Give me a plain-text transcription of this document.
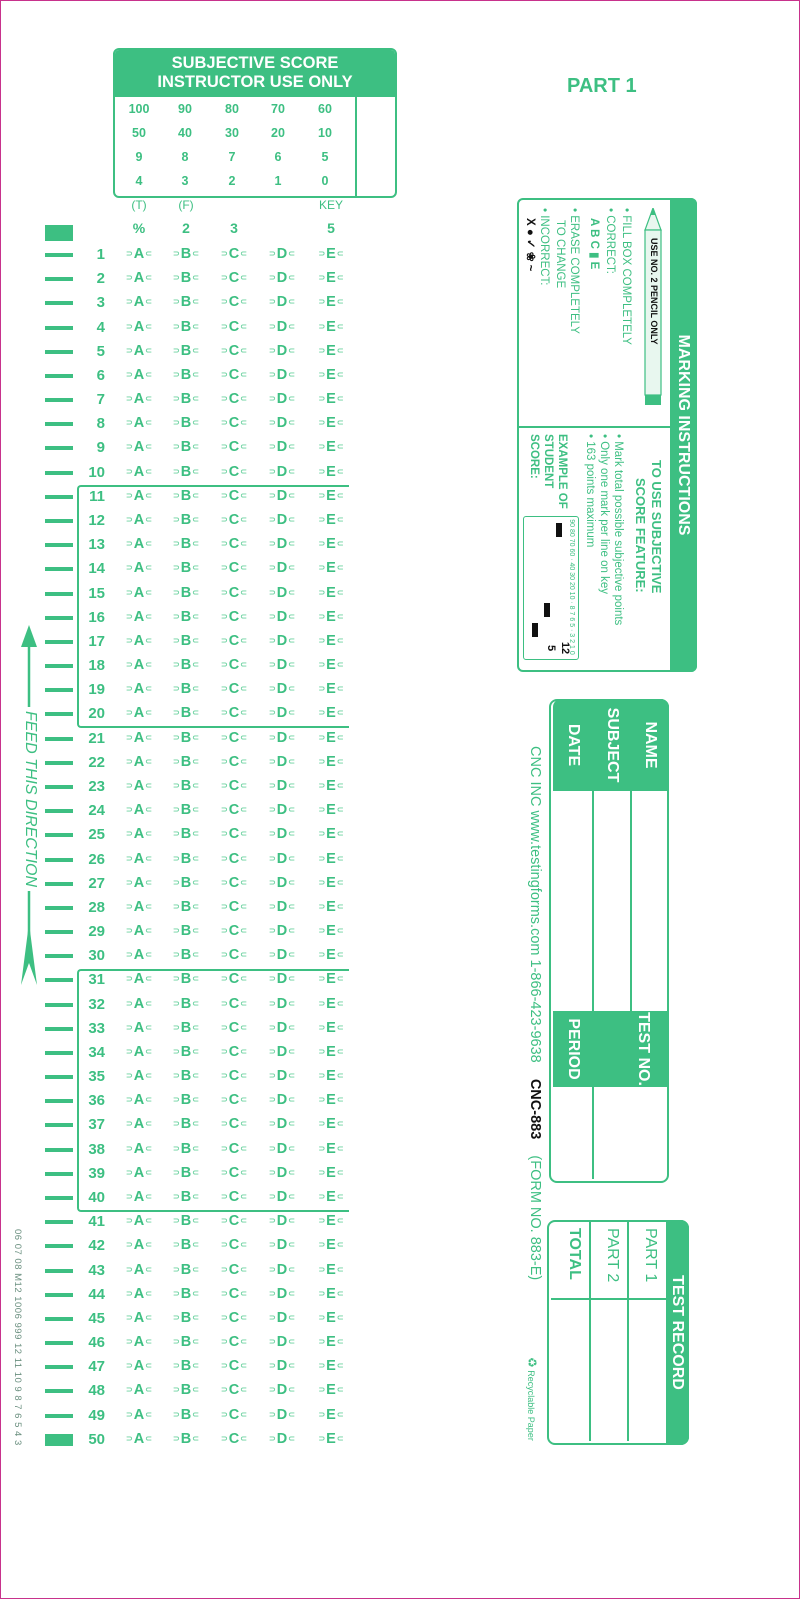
SUBJECTIVE SCORE
INSTRUCTOR USE ONLY
100	90	80	70	60
50	40	30	20	10
9	8	7	6	5
4	3	2	1	0
(T)	(F)	KEY
%	2	3	5
1	⊃ A ⊂	⊃ B ⊂	⊃ C ⊂	⊃ D ⊂	⊃ E ⊂
2	⊃ A ⊂	⊃ B ⊂	⊃ C ⊂	⊃ D ⊂	⊃ E ⊂
3	⊃ A ⊂	⊃ B ⊂	⊃ C ⊂	⊃ D ⊂	⊃ E ⊂
4	⊃ A ⊂	⊃ B ⊂	⊃ C ⊂	⊃ D ⊂	⊃ E ⊂
5	⊃ A ⊂	⊃ B ⊂	⊃ C ⊂	⊃ D ⊂	⊃ E ⊂
6	⊃ A ⊂	⊃ B ⊂	⊃ C ⊂	⊃ D ⊂	⊃ E ⊂
7	⊃ A ⊂	⊃ B ⊂	⊃ C ⊂	⊃ D ⊂	⊃ E ⊂
8	⊃ A ⊂	⊃ B ⊂	⊃ C ⊂	⊃ D ⊂	⊃ E ⊂
9	⊃ A ⊂	⊃ B ⊂	⊃ C ⊂	⊃ D ⊂	⊃ E ⊂
10	⊃ A ⊂	⊃ B ⊂	⊃ C ⊂	⊃ D ⊂	⊃ E ⊂
11	⊃ A ⊂	⊃ B ⊂	⊃ C ⊂	⊃ D ⊂	⊃ E ⊂
12	⊃ A ⊂	⊃ B ⊂	⊃ C ⊂	⊃ D ⊂	⊃ E ⊂
13	⊃ A ⊂	⊃ B ⊂	⊃ C ⊂	⊃ D ⊂	⊃ E ⊂
14	⊃ A ⊂	⊃ B ⊂	⊃ C ⊂	⊃ D ⊂	⊃ E ⊂
15	⊃ A ⊂	⊃ B ⊂	⊃ C ⊂	⊃ D ⊂	⊃ E ⊂
16	⊃ A ⊂	⊃ B ⊂	⊃ C ⊂	⊃ D ⊂	⊃ E ⊂
17	⊃ A ⊂	⊃ B ⊂	⊃ C ⊂	⊃ D ⊂	⊃ E ⊂
18	⊃ A ⊂	⊃ B ⊂	⊃ C ⊂	⊃ D ⊂	⊃ E ⊂
19	⊃ A ⊂	⊃ B ⊂	⊃ C ⊂	⊃ D ⊂	⊃ E ⊂
20	⊃ A ⊂	⊃ B ⊂	⊃ C ⊂	⊃ D ⊂	⊃ E ⊂
21	⊃ A ⊂	⊃ B ⊂	⊃ C ⊂	⊃ D ⊂	⊃ E ⊂
22	⊃ A ⊂	⊃ B ⊂	⊃ C ⊂	⊃ D ⊂	⊃ E ⊂
23	⊃ A ⊂	⊃ B ⊂	⊃ C ⊂	⊃ D ⊂	⊃ E ⊂
24	⊃ A ⊂	⊃ B ⊂	⊃ C ⊂	⊃ D ⊂	⊃ E ⊂
25	⊃ A ⊂	⊃ B ⊂	⊃ C ⊂	⊃ D ⊂	⊃ E ⊂
26	⊃ A ⊂	⊃ B ⊂	⊃ C ⊂	⊃ D ⊂	⊃ E ⊂
27	⊃ A ⊂	⊃ B ⊂	⊃ C ⊂	⊃ D ⊂	⊃ E ⊂
28	⊃ A ⊂	⊃ B ⊂	⊃ C ⊂	⊃ D ⊂	⊃ E ⊂
29	⊃ A ⊂	⊃ B ⊂	⊃ C ⊂	⊃ D ⊂	⊃ E ⊂
30	⊃ A ⊂	⊃ B ⊂	⊃ C ⊂	⊃ D ⊂	⊃ E ⊂
31	⊃ A ⊂	⊃ B ⊂	⊃ C ⊂	⊃ D ⊂	⊃ E ⊂
32	⊃ A ⊂	⊃ B ⊂	⊃ C ⊂	⊃ D ⊂	⊃ E ⊂
33	⊃ A ⊂	⊃ B ⊂	⊃ C ⊂	⊃ D ⊂	⊃ E ⊂
34	⊃ A ⊂	⊃ B ⊂	⊃ C ⊂	⊃ D ⊂	⊃ E ⊂
35	⊃ A ⊂	⊃ B ⊂	⊃ C ⊂	⊃ D ⊂	⊃ E ⊂
36	⊃ A ⊂	⊃ B ⊂	⊃ C ⊂	⊃ D ⊂	⊃ E ⊂
37	⊃ A ⊂	⊃ B ⊂	⊃ C ⊂	⊃ D ⊂	⊃ E ⊂
38	⊃ A ⊂	⊃ B ⊂	⊃ C ⊂	⊃ D ⊂	⊃ E ⊂
39	⊃ A ⊂	⊃ B ⊂	⊃ C ⊂	⊃ D ⊂	⊃ E ⊂
40	⊃ A ⊂	⊃ B ⊂	⊃ C ⊂	⊃ D ⊂	⊃ E ⊂
41	⊃ A ⊂	⊃ B ⊂	⊃ C ⊂	⊃ D ⊂	⊃ E ⊂
42	⊃ A ⊂	⊃ B ⊂	⊃ C ⊂	⊃ D ⊂	⊃ E ⊂
43	⊃ A ⊂	⊃ B ⊂	⊃ C ⊂	⊃ D ⊂	⊃ E ⊂
44	⊃ A ⊂	⊃ B ⊂	⊃ C ⊂	⊃ D ⊂	⊃ E ⊂
45	⊃ A ⊂	⊃ B ⊂	⊃ C ⊂	⊃ D ⊂	⊃ E ⊂
46	⊃ A ⊂	⊃ B ⊂	⊃ C ⊂	⊃ D ⊂	⊃ E ⊂
47	⊃ A ⊂	⊃ B ⊂	⊃ C ⊂	⊃ D ⊂	⊃ E ⊂
48	⊃ A ⊂	⊃ B ⊂	⊃ C ⊂	⊃ D ⊂	⊃ E ⊂
49	⊃ A ⊂	⊃ B ⊂	⊃ C ⊂	⊃ D ⊂	⊃ E ⊂
50	⊃ A ⊂	⊃ B ⊂	⊃ C ⊂	⊃ D ⊂	⊃ E ⊂
FEED THIS DIRECTION
06 07 08 M12 1006 999 12 11 10 9 8 7 6 5 4 3
PART 1
MARKING INSTRUCTIONS
USE NO. 2 PENCIL ONLY
• FILL BOX COMPLETELY
• CORRECT:
A B C ▮ E
• ERASE COMPLETELY
TO CHANGE
• INCORRECT:
X ● ✓ ❀ ~
TO USE SUBJECTIVE
SCORE FEATURE:
• Mark total possible subjective points
• Only one mark per line on key
• 163 points maximum
EXAMPLE OF
STUDENT
SCORE:
90 80 70 60 · 40 30 20 10 · 8 7 6 5 · 3 2 1 0
125
NAME
SUBJECT
DATE
TEST NO.
PERIOD
CNC INC www.testingforms.com 1-866-423-9638    CNC-883    (FORM NO. 883-E)
TEST RECORD
PART 1
PART 2
TOTAL
♻ Recyclable Paper
